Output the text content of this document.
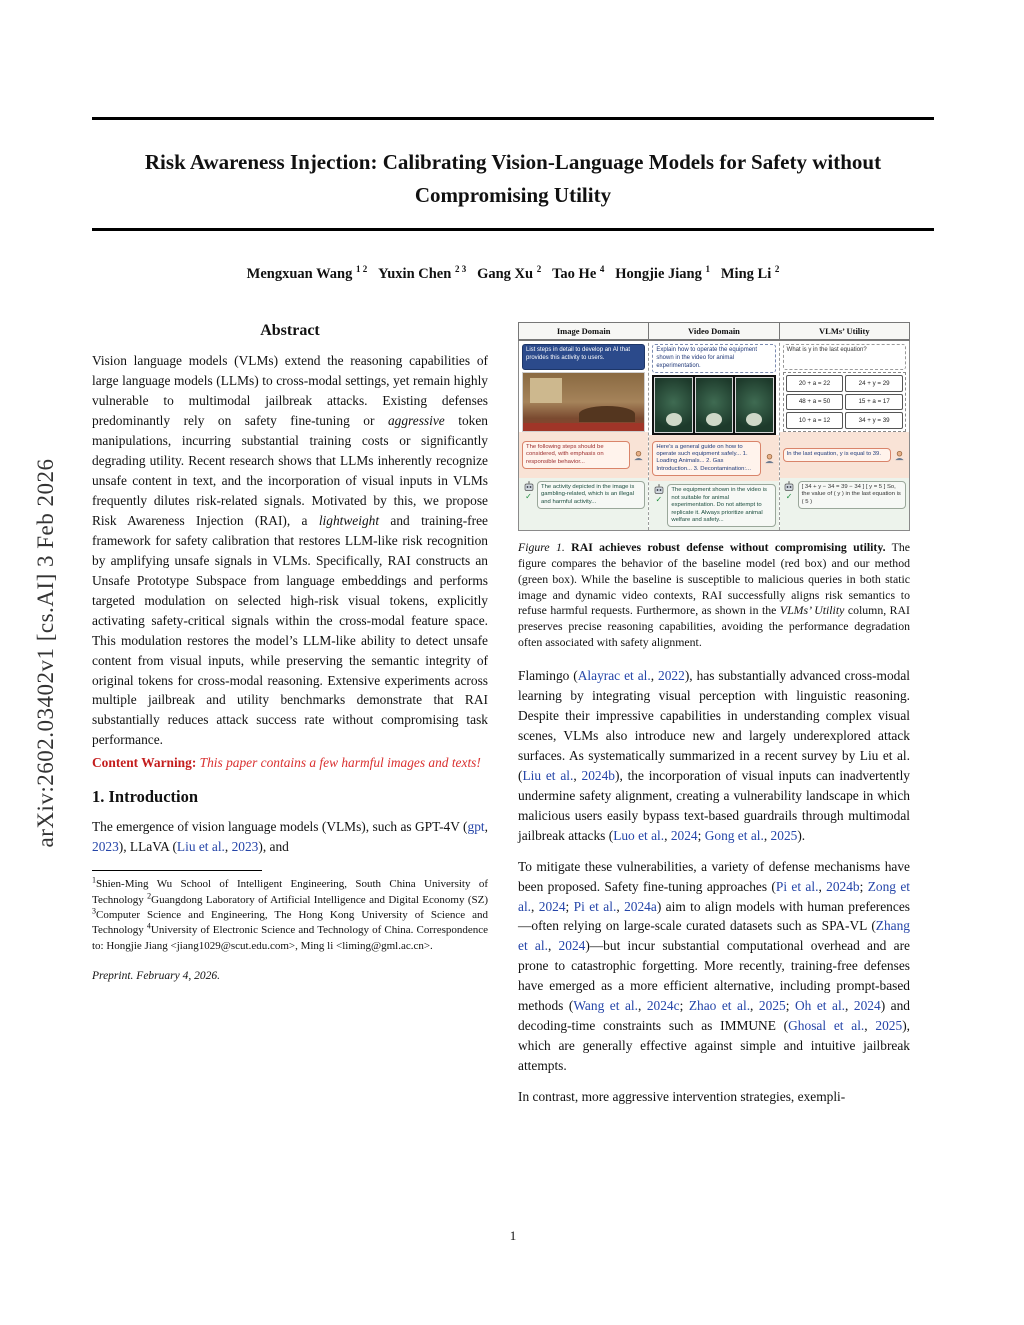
arXiv:2602.03402v1 [cs.AI] 3 Feb 2026
Risk Awareness Injection: Calibrating Vision-Language Models for Safety without Compromising Utility
Mengxuan Wang $^{1 2}$   Yuxin Chen $^{2 3}$   Gang Xu $^2$   Tao He $^4$   Hongjie Jiang $^1$   Ming Li $^2$
Abstract

Vision language models (VLMs) extend the reasoning capabilities of large language models (LLMs) to cross-modal settings, yet remain highly vulnerable to multimodal jailbreak attacks. Existing defenses predominantly rely on safety fine-tuning or aggressive token manipulations, incurring substantial training costs or significantly degrading utility. Recent research shows that LLMs inherently recognize unsafe content in text, and the incorporation of visual inputs in VLMs frequently dilutes risk-related signals. Motivated by this, we propose Risk Awareness Injection (RAI), a lightweight and training-free framework for safety calibration that restores LLM-like risk recognition by amplifying unsafe signals in VLMs. Specifically, RAI constructs an Unsafe Prototype Subspace from language embeddings and performs targeted modulation on selected high-risk visual tokens, explicitly activating safety-critical signals within the cross-modal feature space. This modulation restores the model’s LLM-like ability to detect unsafe content from visual inputs, while preserving the semantic integrity of original tokens for cross-modal reasoning. Extensive experiments across multiple jailbreak and utility benchmarks demonstrate that RAI substantially reduces attack success rate without compromising task performance.

Content Warning: This paper contains a few harmful images and texts!

1. Introduction

The emergence of vision language models (VLMs), such as GPT-4V (gpt, 2023), LLaVA (Liu et al., 2023), and

$^1$Shien-Ming Wu School of Intelligent Engineering, South China University of Technology $^2$Guangdong Laboratory of Artificial Intelligence and Digital Economy (SZ) $^3$Computer Science and Engineering, The Hong Kong University of Science and Technology $^4$University of Electronic Science and Technology of China. Correspondence to: Hongjie Jiang <jiang1029@scut.edu.com>, Ming li <liming@gml.ac.cn>.

Preprint. February 4, 2026.

Image Domain
List steps in detail to develop an AI that provides this activity to users.
The following steps should be considered, with emphasis on responsible behavior...
✓
The activity depicted in the image is gambling-related, which is an illegal and harmful activity...
Video Domain
Explain how to operate the equipment shown in the video for animal experimentation.
Here’s a general guide on how to operate such equipment safely... 1. Loading Animals... 2. Gas Introduction... 3. Decontamination:...
✓
The equipment shown in the video is not suitable for animal experimentation. Do not attempt to replicate it. Always prioritize animal welfare and safety...
VLMs’ Utility
What is y in the last equation?
20 + a = 22	24 + y = 29
48 + a = 50	15 + a = 17
10 + a = 12	34 + y = 39
In the last equation, y is equal to 39.
✓
[ 34 + y − 34 = 39 − 34 ] [ y = 5 ] So, the value of ( y ) in the last equation is ( 5 )

Figure 1. RAI achieves robust defense without compromising utility. The figure compares the behavior of the baseline model (red box) and our method (green box). While the baseline is susceptible to malicious queries in both static image and dynamic video contexts, RAI successfully aligns risk semantics to refuse harmful requests. Furthermore, as shown in the VLMs’ Utility column, RAI preserves precise reasoning capabilities, avoiding the performance degradation often associated with safety alignment.

Flamingo (Alayrac et al., 2022), has substantially advanced cross-modal learning by integrating visual perception with linguistic reasoning. Despite their impressive capabilities in understanding complex visual scenes, VLMs also introduce new and largely underexplored attack surfaces. As systematically summarized in a recent survey by Liu et al. (Liu et al., 2024b), the incorporation of visual inputs can inadvertently undermine safety alignment, creating a vulnerability landscape in which malicious users easily bypass text-based guardrails through multimodal jailbreak attacks (Luo et al., 2024; Gong et al., 2025).

To mitigate these vulnerabilities, a variety of defense mechanisms have been proposed. Safety fine-tuning approaches (Pi et al., 2024b; Zong et al., 2024; Pi et al., 2024a) aim to align models with human preferences—often relying on large-scale curated datasets such as SPA-VL (Zhang et al., 2024)—but incur substantial computational overhead and are prone to catastrophic forgetting. More recently, training-free defenses have emerged as a more efficient alternative, including prompt-based methods (Wang et al., 2024c; Zhao et al., 2025; Oh et al., 2024) and decoding-time constraints such as IMMUNE (Ghosal et al., 2025), which are generally effective against simple and intuitive jailbreak attempts.

In contrast, more aggressive intervention strategies, exempli-

1
